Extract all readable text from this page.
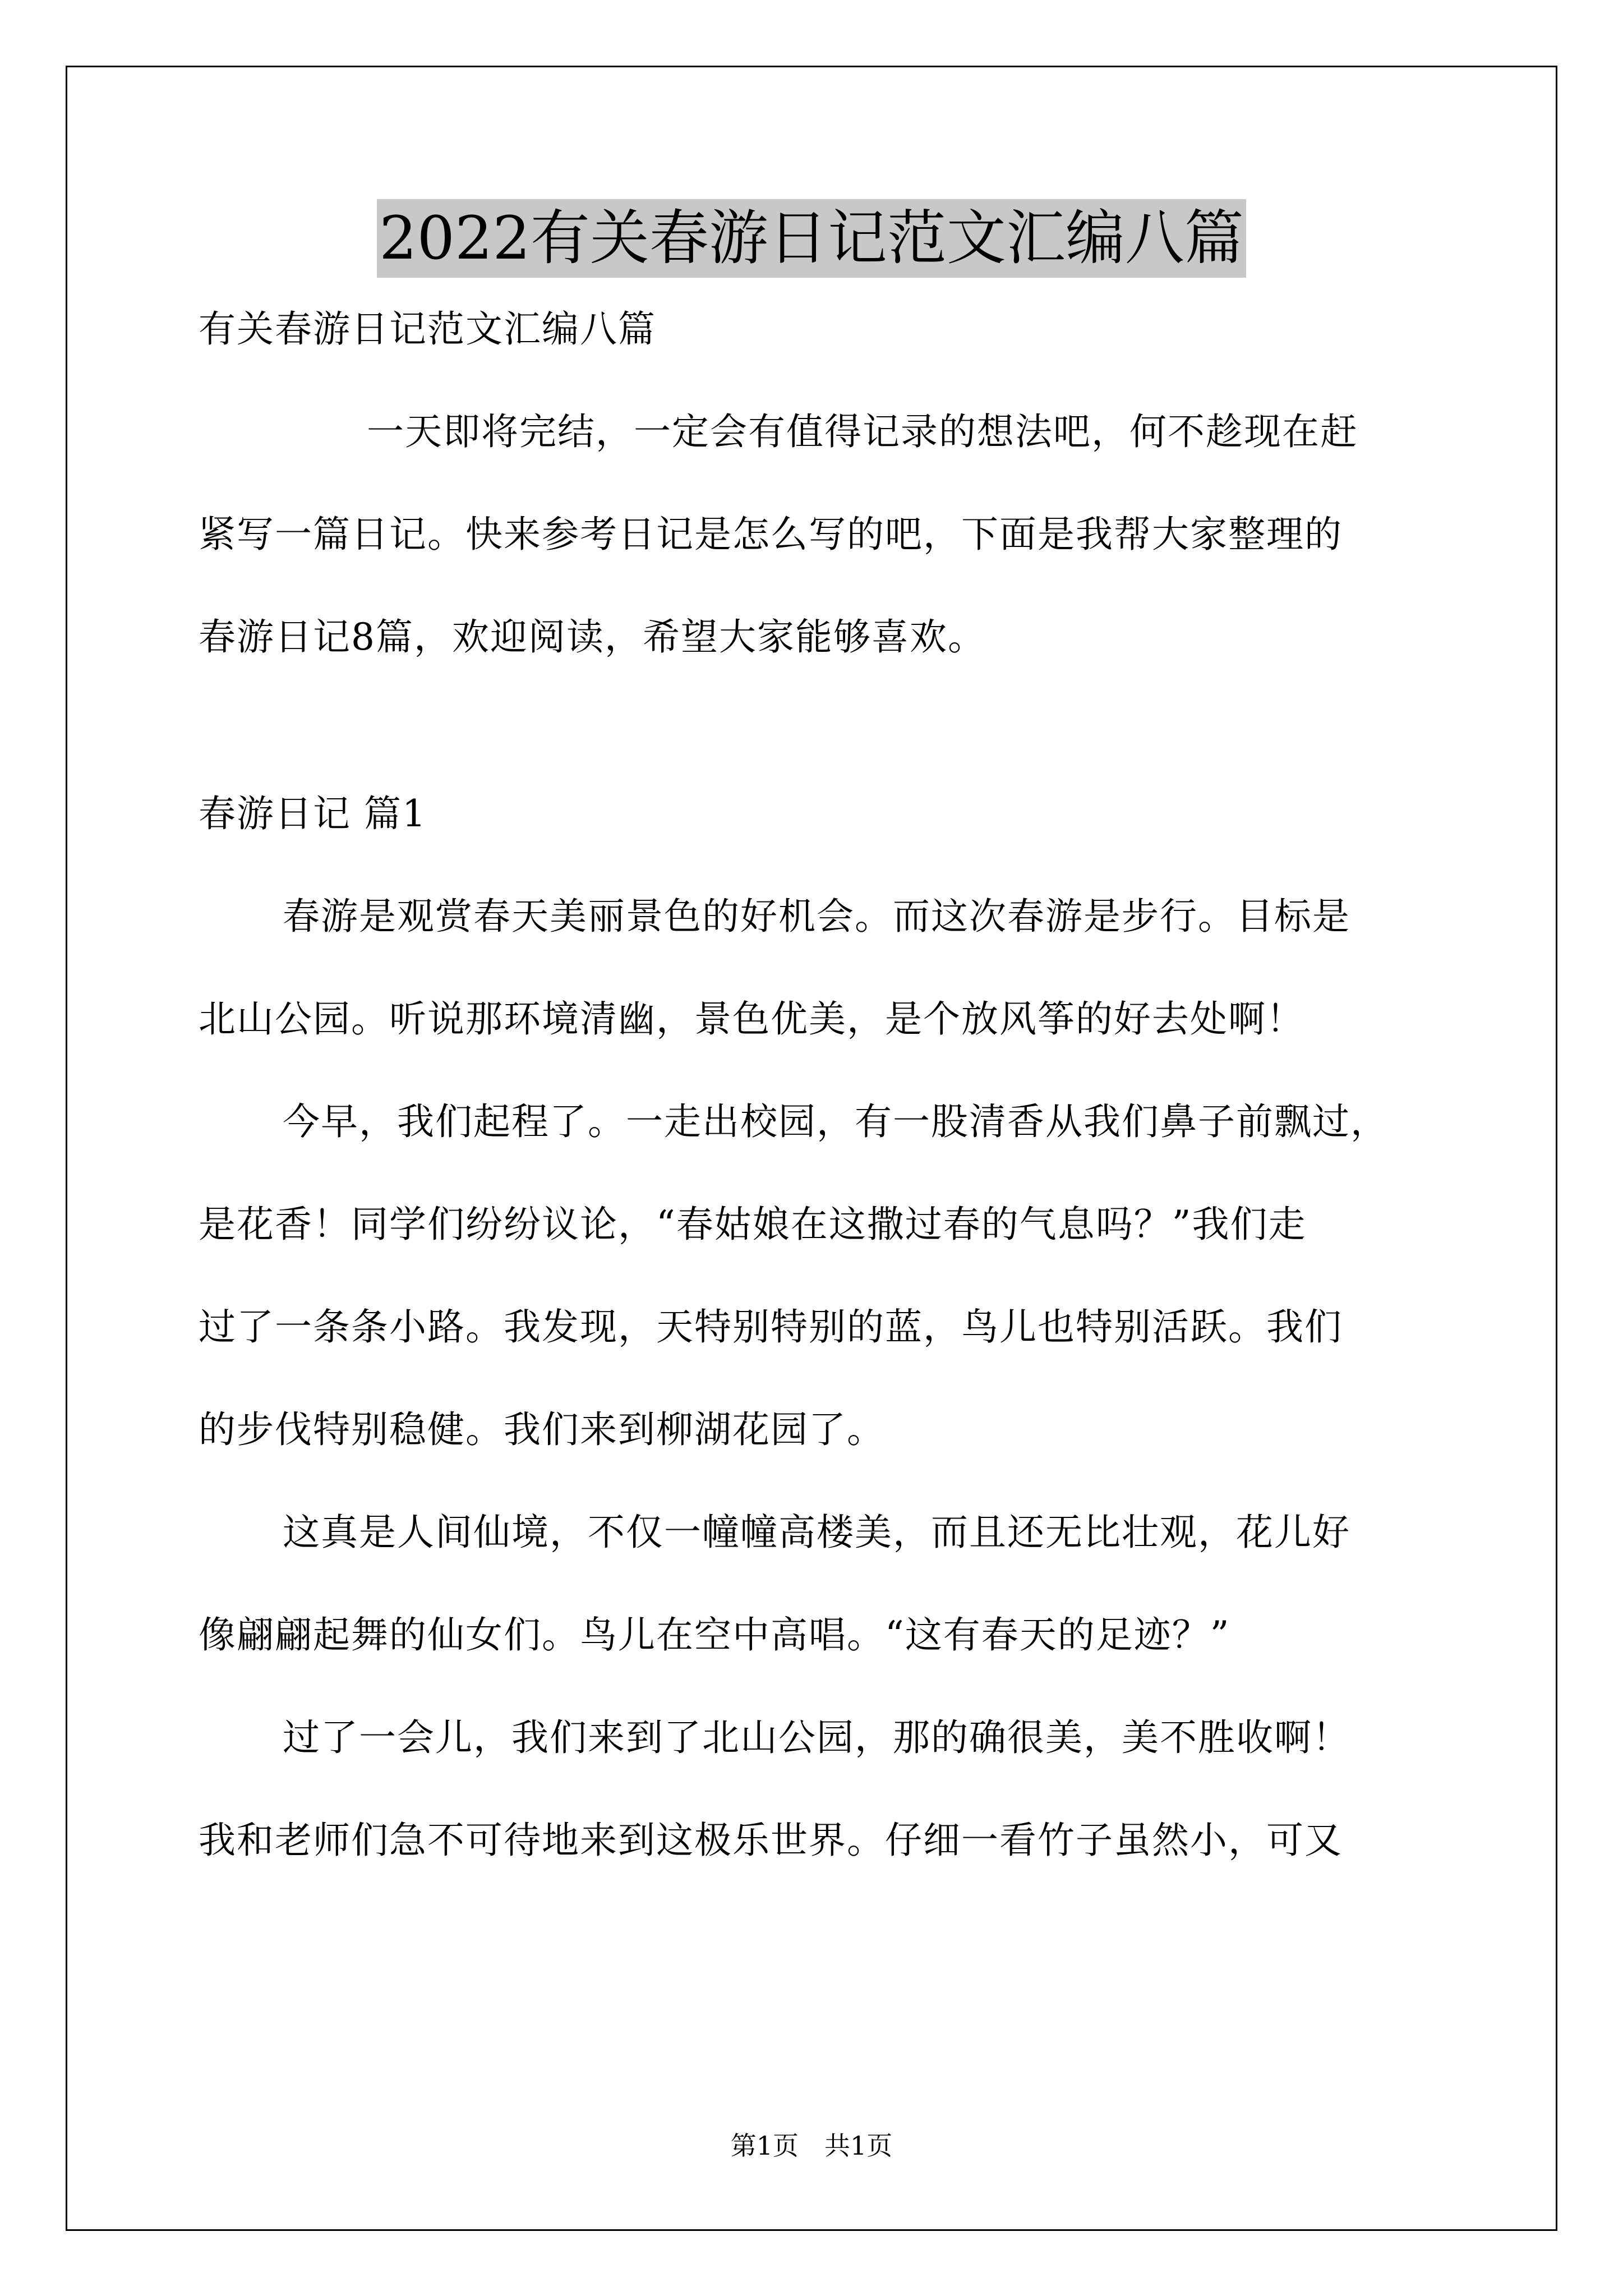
2022有关春游日记范文汇编八篇

有关春游日记范文汇编八篇

一天即将完结，一定会有值得记录的想法吧，何不趁现在赶

紧写一篇日记。快来参考日记是怎么写的吧，下面是我帮大家整理的

春游日记8篇，欢迎阅读，希望大家能够喜欢。

春游日记 篇1

春游是观赏春天美丽景色的好机会。而这次春游是步行。目标是

北山公园。听说那环境清幽，景色优美，是个放风筝的好去处啊！

今早，我们起程了。一走出校园，有一股清香从我们鼻子前飘过，

是花香！同学们纷纷议论，“春姑娘在这撒过春的气息吗？”我们走

过了一条条小路。我发现，天特别特别的蓝，鸟儿也特别活跃。我们

的步伐特别稳健。我们来到柳湖花园了。

这真是人间仙境，不仅一幢幢高楼美，而且还无比壮观，花儿好

像翩翩起舞的仙女们。鸟儿在空中高唱。“这有春天的足迹？”

过了一会儿，我们来到了北山公园，那的确很美，美不胜收啊！

我和老师们急不可待地来到这极乐世界。仔细一看竹子虽然小，可又

第1页　共1页
